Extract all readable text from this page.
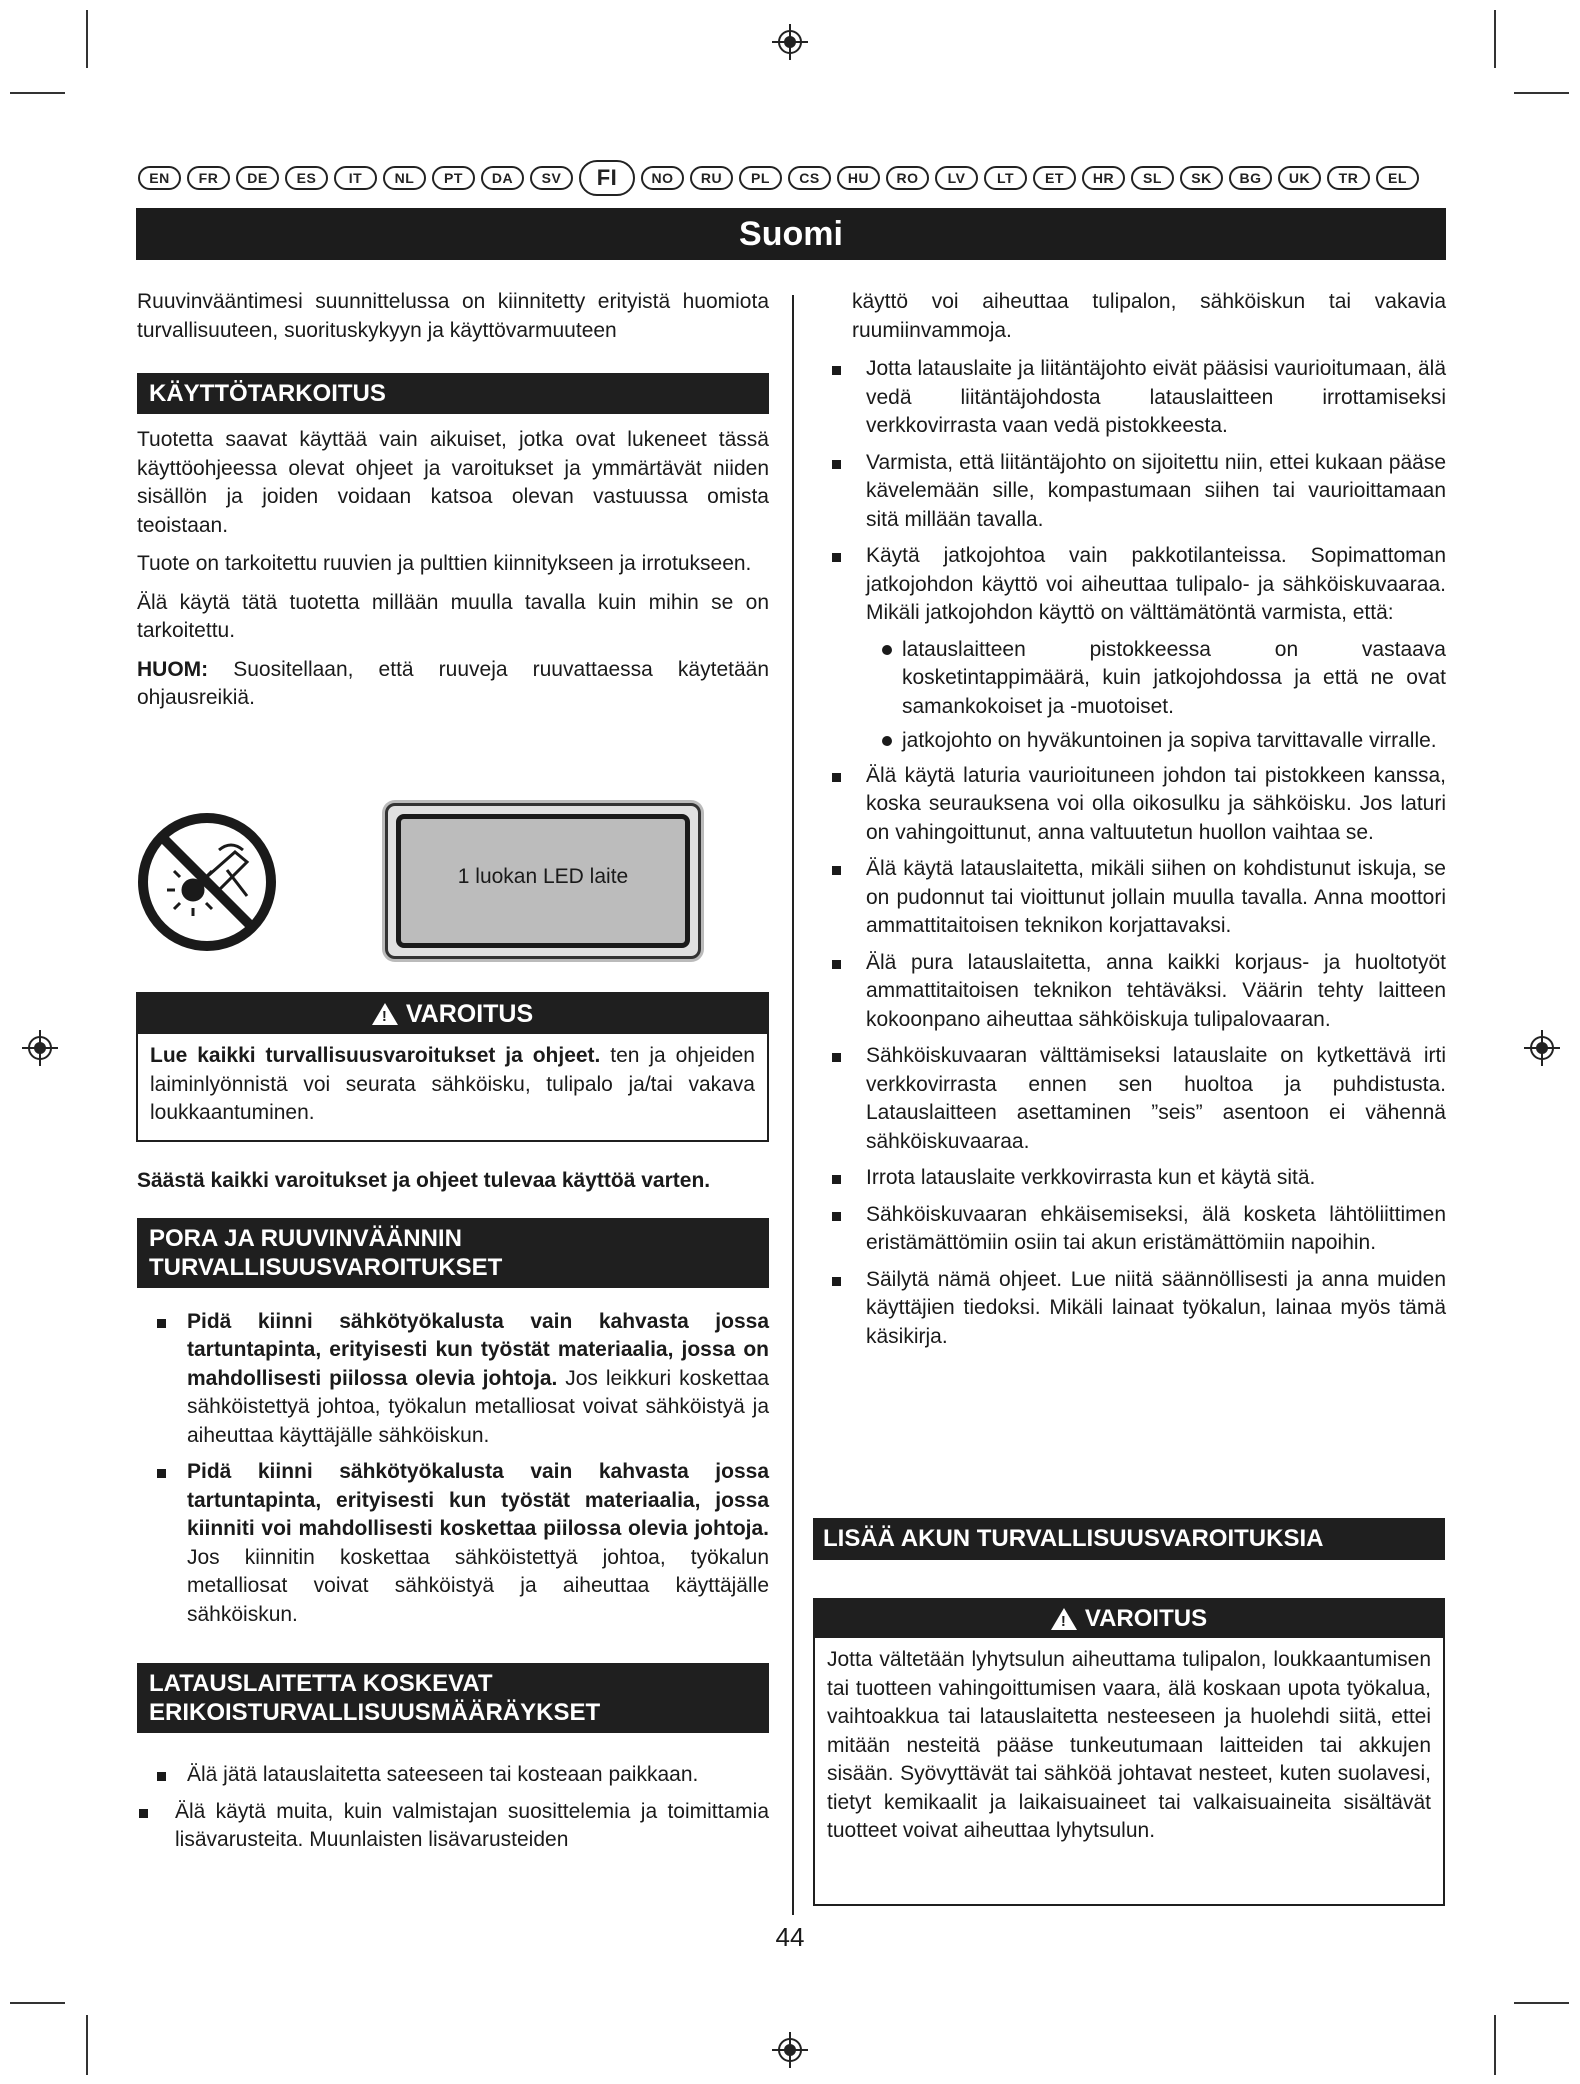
EN	FR	DE	ES	IT	NL	PT	DA	SV	FI	NO	RU	PL	CS	HU	RO	LV	LT	ET	HR	SL	SK	BG	UK	TR	EL
Suomi

Ruuvinvääntimesi suunnittelussa on kiinnitetty erityistä huomiota turvallisuuteen, suorituskykyyn ja käyttövarmuuteen

KÄYTTÖTARKOITUS

Tuotetta saavat käyttää vain aikuiset, jotka ovat lukeneet tässä käyttöohjeessa olevat ohjeet ja varoitukset ja ymmärtävät niiden sisällön ja joiden voidaan katsoa olevan vastuussa omista teoistaan.

Tuote on tarkoitettu ruuvien ja pulttien kiinnitykseen ja irrotukseen.

Älä käytä tätä tuotetta millään muulla tavalla kuin mihin se on tarkoitettu.

HUOM: Suositellaan, että ruuveja ruuvattaessa käytetään ohjausreikiä.

1 luokan LED laite
! VAROITUS
Lue kaikki turvallisuusvaroitukset ja ohjeet. ten ja ohjeiden laiminlyönnistä voi seurata sähköisku, tulipalo ja/tai vakava loukkaantuminen.

Säästä kaikki varoitukset ja ohjeet tulevaa käyttöä varten.

PORA JA RUUVINVÄÄNNIN
TURVALLISUUSVAROITUKSET
Pidä kiinni sähkötyökalusta vain kahvasta jossa tartuntapinta, erityisesti kun työstät materiaalia, jossa on mahdollisesti piilossa olevia johtoja. Jos leikkuri koskettaa sähköistettyä johtoa, työkalun metalliosat voivat sähköistyä ja aiheuttaa käyttäjälle sähköiskun.
Pidä kiinni sähkötyökalusta vain kahvasta jossa tartuntapinta, erityisesti kun työstät materiaalia, jossa kiinniti voi mahdollisesti koskettaa piilossa olevia johtoja. Jos kiinnitin koskettaa sähköistettyä johtoa, työkalun metalliosat voivat sähköistyä ja aiheuttaa käyttäjälle sähköiskun.
LATAUSLAITETTA KOSKEVAT
ERIKOISTURVALLISUUSMÄÄRÄYKSET
Älä jätä latauslaitetta sateeseen tai kosteaan paikkaan.
Älä käytä muita, kuin valmistajan suosittelemia ja toimittamia lisävarusteita. Muunlaisten lisävarusteiden

käyttö voi aiheuttaa tulipalon, sähköiskun tai vakavia ruumiinvammoja.

Jotta latauslaite ja liitäntäjohto eivät pääsisi vaurioitumaan, älä vedä liitäntäjohdosta latauslaitteen irrottamiseksi verkkovirrasta vaan vedä pistokkeesta.
Varmista, että liitäntäjohto on sijoitettu niin, ettei kukaan pääse kävelemään sille, kompastumaan siihen tai vaurioittamaan sitä millään tavalla.
Käytä jatkojohtoa vain pakkotilanteissa. Sopimattoman jatkojohdon käyttö voi aiheuttaa tulipalo- ja sähköiskuvaaraa. Mikäli jatkojohdon käyttö on välttämätöntä varmista, että:
latauslaitteen pistokkeessa on vastaava kosketintappimäärä, kuin jatkojohdossa ja että ne ovat samankokoiset ja -muotoiset.
jatkojohto on hyväkuntoinen ja sopiva tarvittavalle virralle.
Älä käytä laturia vaurioituneen johdon tai pistokkeen kanssa, koska seurauksena voi olla oikosulku ja sähköisku. Jos laturi on vahingoittunut, anna valtuutetun huollon vaihtaa se.
Älä käytä latauslaitetta, mikäli siihen on kohdistunut iskuja, se on pudonnut tai vioittunut jollain muulla tavalla. Anna moottori ammattitaitoisen teknikon korjattavaksi.
Älä pura latauslaitetta, anna kaikki korjaus- ja huoltotyöt ammattitaitoisen teknikon tehtäväksi. Väärin tehty laitteen kokoonpano aiheuttaa sähköiskuja tulipalovaaran.
Sähköiskuvaaran välttämiseksi latauslaite on kytkettävä irti verkkovirrasta ennen sen huoltoa ja puhdistusta. Latauslaitteen asettaminen ”seis” asentoon ei vähennä sähköiskuvaaraa.
Irrota latauslaite verkkovirrasta kun et käytä sitä.
Sähköiskuvaaran ehkäisemiseksi, älä kosketa lähtöliittimen eristämättömiin osiin tai akun eristämättömiin napoihin.
Säilytä nämä ohjeet. Lue niitä säännöllisesti ja anna muiden käyttäjien tiedoksi. Mikäli lainaat työkalun, lainaa myös tämä käsikirja.
LISÄÄ AKUN TURVALLISUUSVAROITUKSIA
! VAROITUS
Jotta vältetään lyhytsulun aiheuttama tulipalon, loukkaantumisen tai tuotteen vahingoittumisen vaara, älä koskaan upota työkalua, vaihtoakkua tai latauslaitetta nesteeseen ja huolehdi siitä, ettei mitään nesteitä pääse tunkeutumaan laitteiden tai akkujen sisään. Syövyttävät tai sähköä johtavat nesteet, kuten suolavesi, tietyt kemikaalit ja laikaisuaineet tai valkaisuaineita sisältävät tuotteet voivat aiheuttaa lyhytsulun.
44
